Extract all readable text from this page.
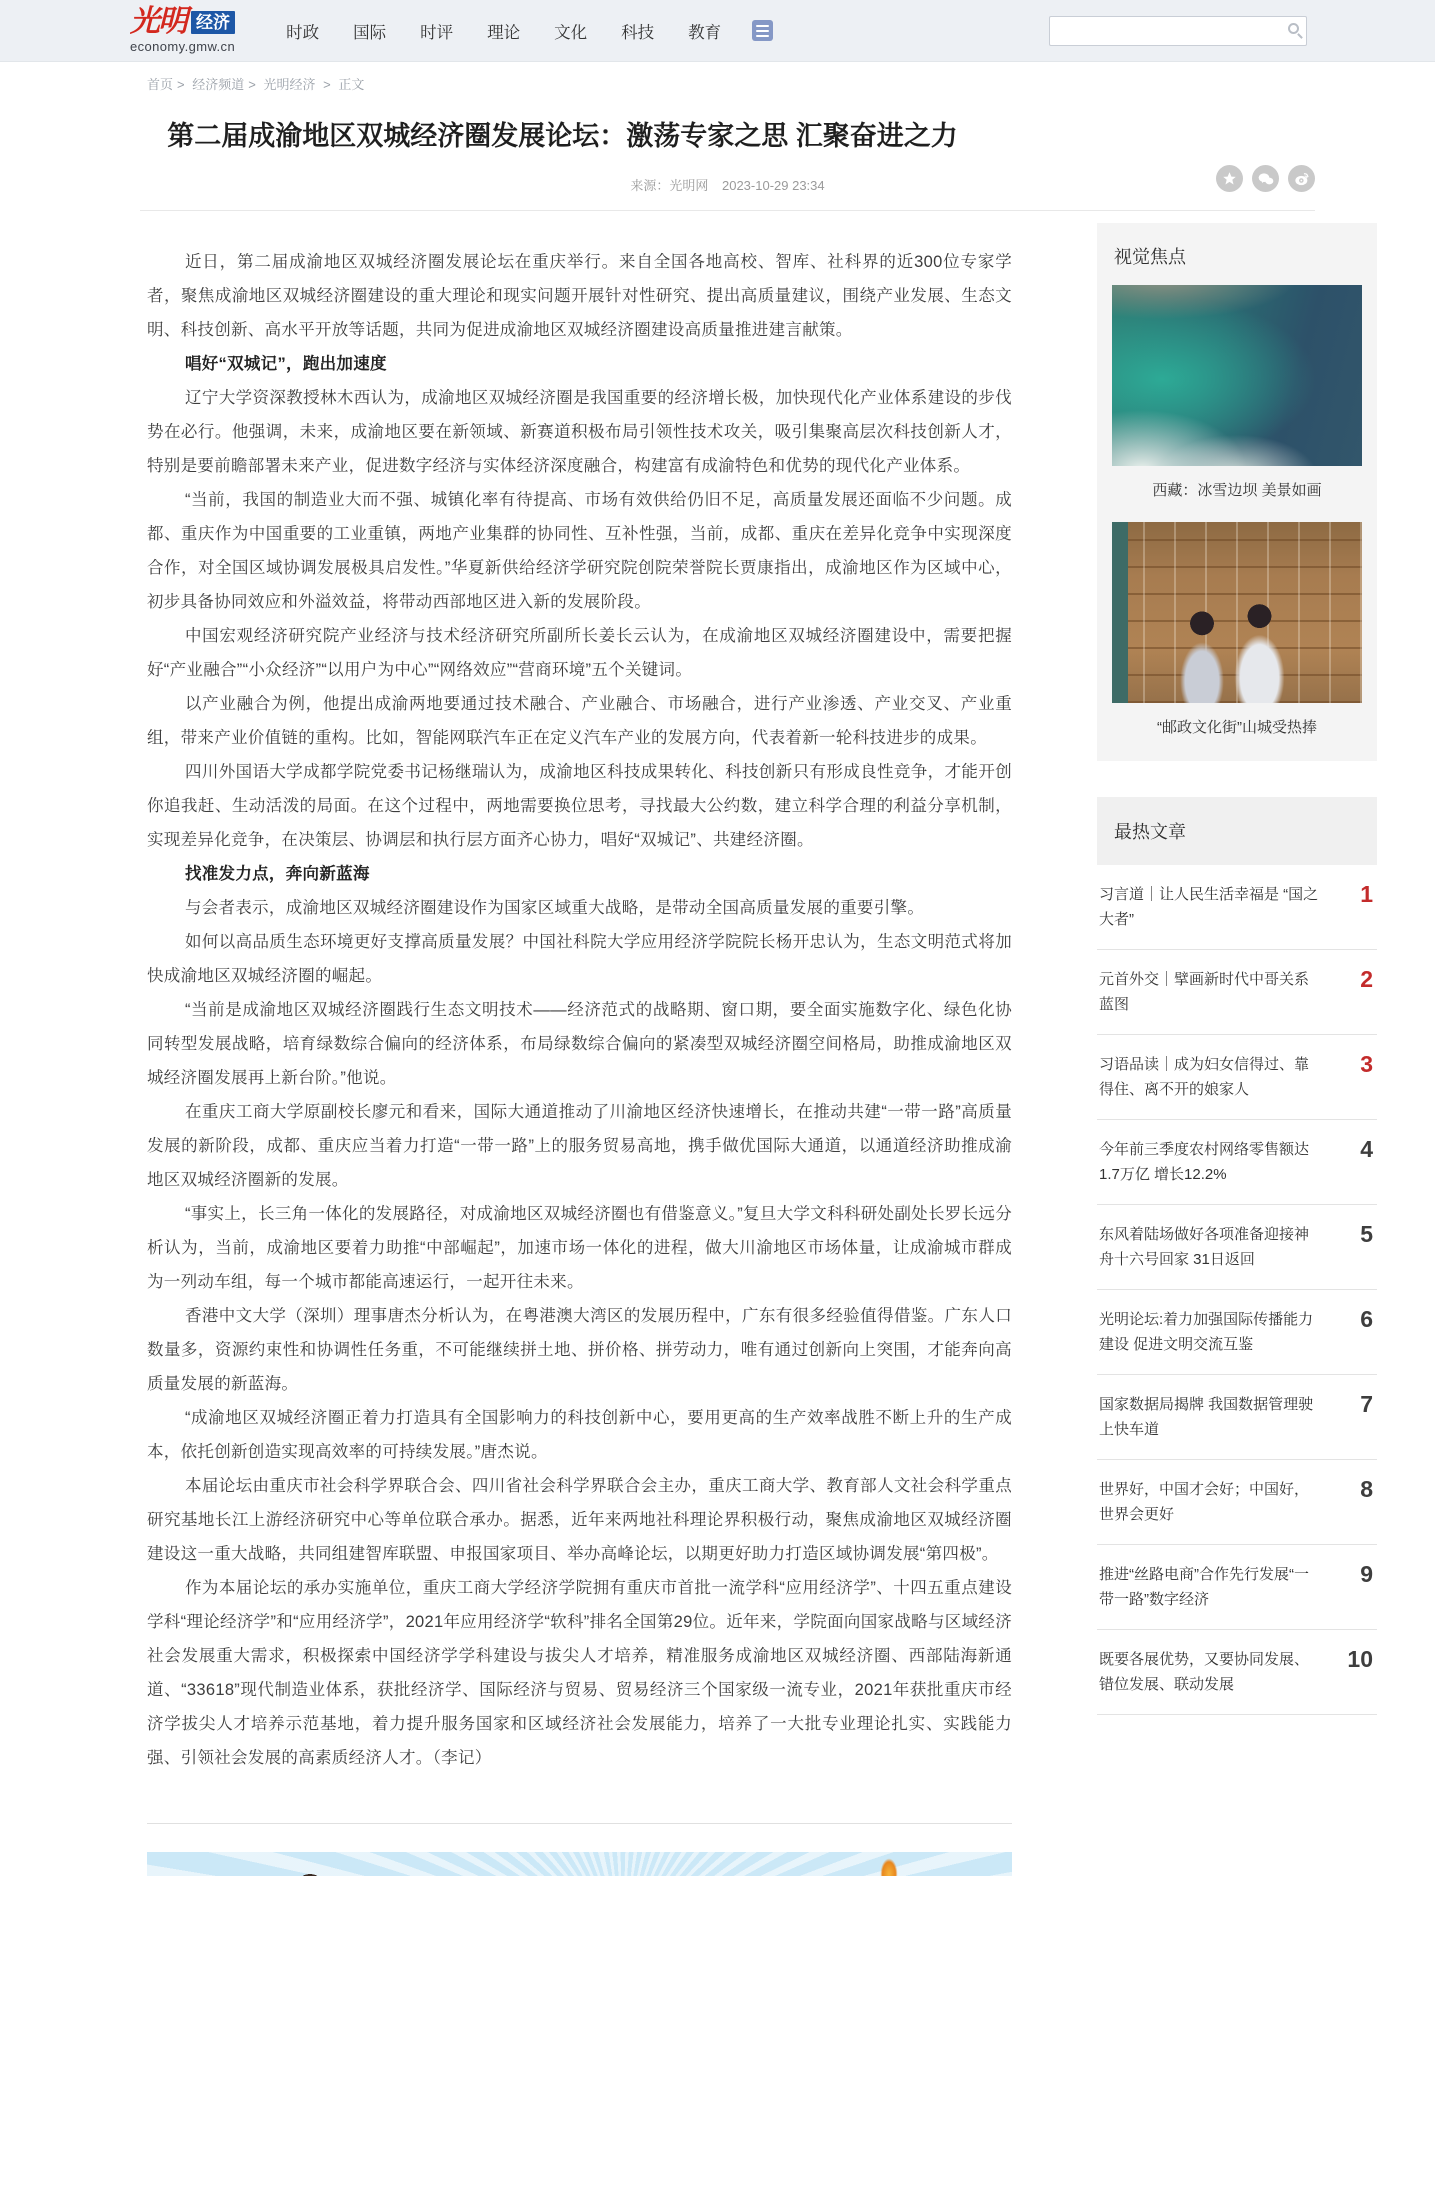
光明 经济
economy.gmw.cn
时政	国际	时评	理论	文化	科技	教育
首页 > 经济频道 > 光明经济 > 正文
第二届成渝地区双城经济圈发展论坛：激荡专家之思 汇聚奋进之力
来源：光明网 2023-10-29 23:34

近日，第二届成渝地区双城经济圈发展论坛在重庆举行。来自全国各地高校、智库、社科界的近300位专家学者，聚焦成渝地区双城经济圈建设的重大理论和现实问题开展针对性研究、提出高质量建议，围绕产业发展、生态文明、科技创新、高水平开放等话题，共同为促进成渝地区双城经济圈建设高质量推进建言献策。

唱好“双城记”，跑出加速度

辽宁大学资深教授林木西认为，成渝地区双城经济圈是我国重要的经济增长极，加快现代化产业体系建设的步伐势在必行。他强调，未来，成渝地区要在新领域、新赛道积极布局引领性技术攻关，吸引集聚高层次科技创新人才，特别是要前瞻部署未来产业，促进数字经济与实体经济深度融合，构建富有成渝特色和优势的现代化产业体系。

“当前，我国的制造业大而不强、城镇化率有待提高、市场有效供给仍旧不足，高质量发展还面临不少问题。成都、重庆作为中国重要的工业重镇，两地产业集群的协同性、互补性强，当前，成都、重庆在差异化竞争中实现深度合作，对全国区域协调发展极具启发性。”华夏新供给经济学研究院创院荣誉院长贾康指出，成渝地区作为区域中心，初步具备协同效应和外溢效益，将带动西部地区进入新的发展阶段。

中国宏观经济研究院产业经济与技术经济研究所副所长姜长云认为，在成渝地区双城经济圈建设中，需要把握好“产业融合”“小众经济”“以用户为中心”“网络效应”“营商环境”五个关键词。

以产业融合为例，他提出成渝两地要通过技术融合、产业融合、市场融合，进行产业渗透、产业交叉、产业重组，带来产业价值链的重构。比如，智能网联汽车正在定义汽车产业的发展方向，代表着新一轮科技进步的成果。

四川外国语大学成都学院党委书记杨继瑞认为，成渝地区科技成果转化、科技创新只有形成良性竞争，才能开创你追我赶、生动活泼的局面。在这个过程中，两地需要换位思考，寻找最大公约数，建立科学合理的利益分享机制，实现差异化竞争，在决策层、协调层和执行层方面齐心协力，唱好“双城记”、共建经济圈。

找准发力点，奔向新蓝海

与会者表示，成渝地区双城经济圈建设作为国家区域重大战略，是带动全国高质量发展的重要引擎。

如何以高品质生态环境更好支撑高质量发展？中国社科院大学应用经济学院院长杨开忠认为，生态文明范式将加快成渝地区双城经济圈的崛起。

“当前是成渝地区双城经济圈践行生态文明技术——经济范式的战略期、窗口期，要全面实施数字化、绿色化协同转型发展战略，培育绿数综合偏向的经济体系，布局绿数综合偏向的紧凑型双城经济圈空间格局，助推成渝地区双城经济圈发展再上新台阶。”他说。

在重庆工商大学原副校长廖元和看来，国际大通道推动了川渝地区经济快速增长，在推动共建“一带一路”高质量发展的新阶段，成都、重庆应当着力打造“一带一路”上的服务贸易高地，携手做优国际大通道，以通道经济助推成渝地区双城经济圈新的发展。

“事实上，长三角一体化的发展路径，对成渝地区双城经济圈也有借鉴意义。”复旦大学文科科研处副处长罗长远分析认为，当前，成渝地区要着力助推“中部崛起”，加速市场一体化的进程，做大川渝地区市场体量，让成渝城市群成为一列动车组，每一个城市都能高速运行，一起开往未来。

香港中文大学（深圳）理事唐杰分析认为，在粤港澳大湾区的发展历程中，广东有很多经验值得借鉴。广东人口数量多，资源约束性和协调性任务重，不可能继续拼土地、拼价格、拼劳动力，唯有通过创新向上突围，才能奔向高质量发展的新蓝海。

“成渝地区双城经济圈正着力打造具有全国影响力的科技创新中心，要用更高的生产效率战胜不断上升的生产成本，依托创新创造实现高效率的可持续发展。”唐杰说。

本届论坛由重庆市社会科学界联合会、四川省社会科学界联合会主办，重庆工商大学、教育部人文社会科学重点研究基地长江上游经济研究中心等单位联合承办。据悉，近年来两地社科理论界积极行动，聚焦成渝地区双城经济圈建设这一重大战略，共同组建智库联盟、申报国家项目、举办高峰论坛，以期更好助力打造区域协调发展“第四极”。

作为本届论坛的承办实施单位，重庆工商大学经济学院拥有重庆市首批一流学科“应用经济学”、十四五重点建设学科“理论经济学”和“应用经济学”，2021年应用经济学“软科”排名全国第29位。近年来，学院面向国家战略与区域经济社会发展重大需求，积极探索中国经济学学科建设与拔尖人才培养，精准服务成渝地区双城经济圈、西部陆海新通道、“33618”现代制造业体系，获批经济学、国际经济与贸易、贸易经济三个国家级一流专业，2021年获批重庆市经济学拔尖人才培养示范基地，着力提升服务国家和区域经济社会发展能力，培养了一大批专业理论扎实、实践能力强、引领社会发展的高素质经济人才。（李记）

视觉焦点
西藏：冰雪边坝 美景如画
“邮政文化街”山城受热捧
最热文章
习言道｜让人民生活幸福是 “国之大者”
1
元首外交｜擘画新时代中哥关系蓝图
2
习语品读｜成为妇女信得过、靠得住、离不开的娘家人
3
今年前三季度农村网络零售额达1.7万亿 增长12.2%
4
东风着陆场做好各项准备迎接神舟十六号回家 31日返回
5
光明论坛:着力加强国际传播能力建设 促进文明交流互鉴
6
国家数据局揭牌 我国数据管理驶上快车道
7
世界好，中国才会好；中国好，世界会更好
8
推进“丝路电商”合作先行发展“一带一路”数字经济
9
既要各展优势，又要协同发展、错位发展、联动发展
10
